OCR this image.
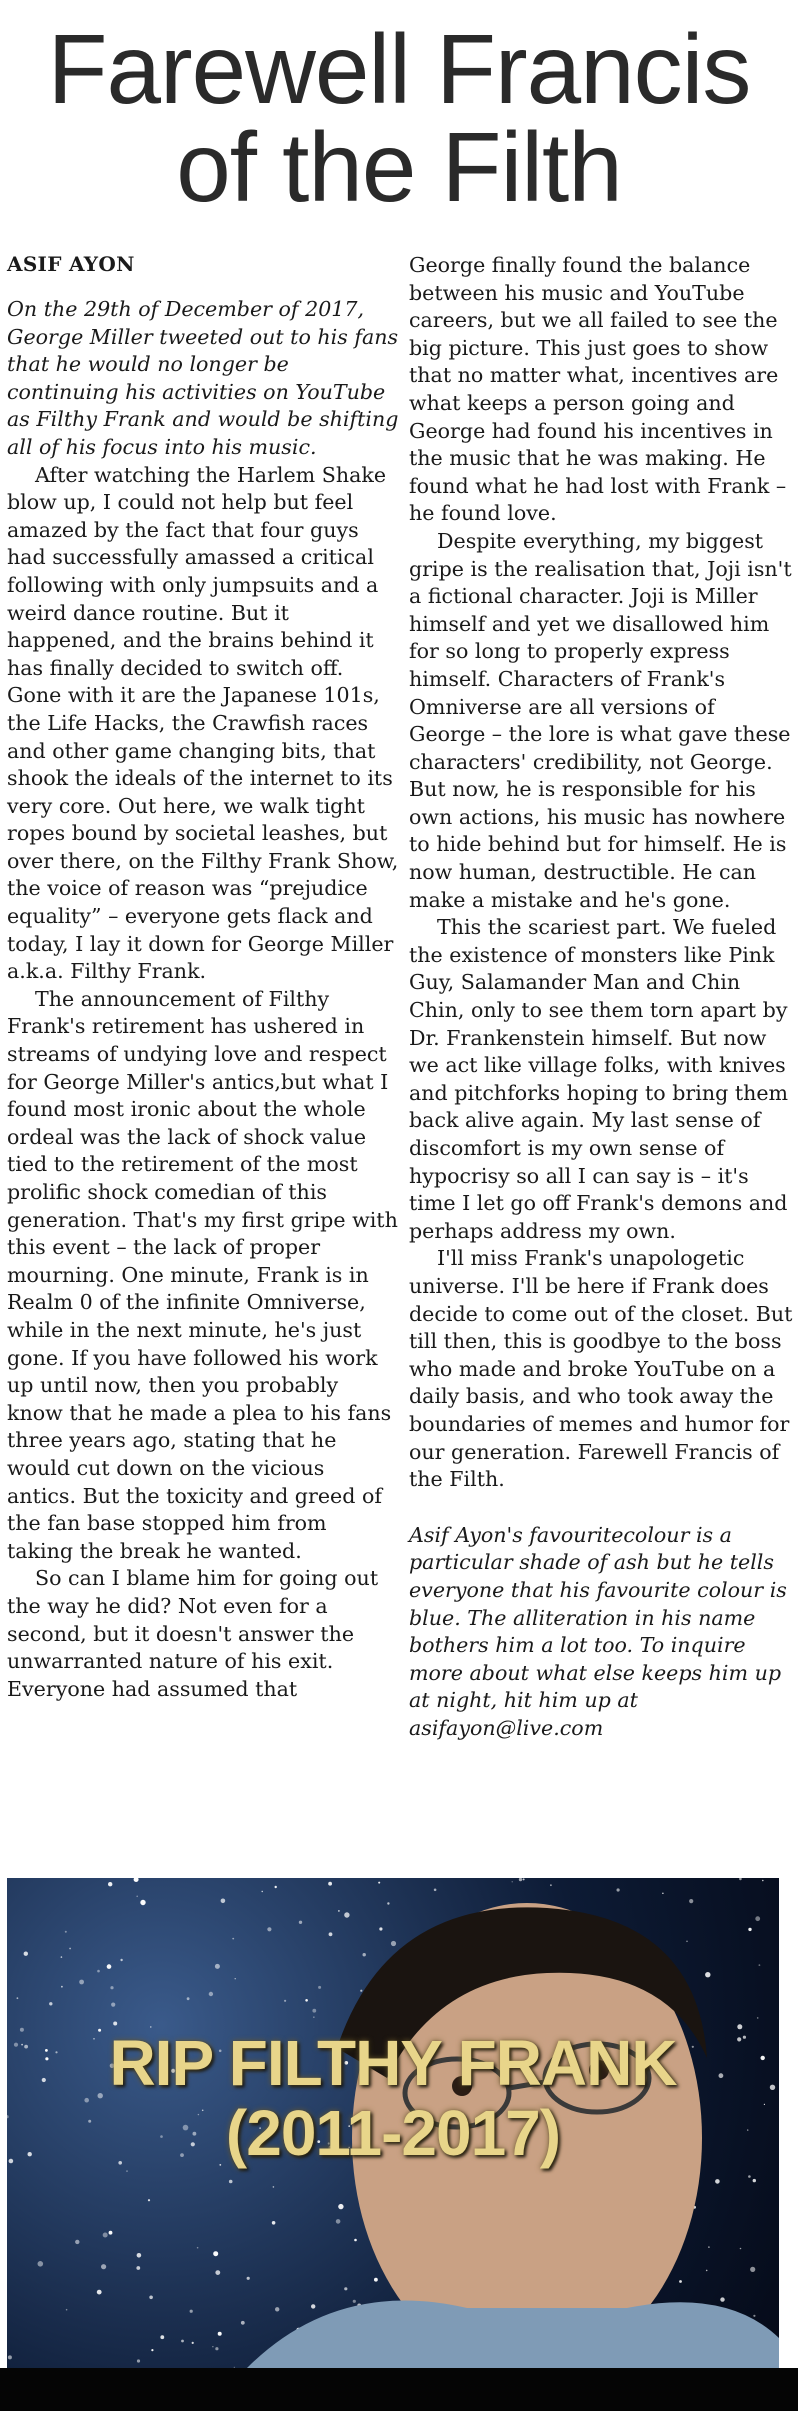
Farewell Francis
of the Filth
ASIF AYON

On the 29th of December of 2017, George Miller tweeted out to his fans that he would no longer be continuing his activities on YouTube as Filthy Frank and would be shifting all of his focus into his music.

After watching the Harlem Shake blow up, I could not help but feel amazed by the fact that four guys had successfully amassed a critical following with only jumpsuits and a weird dance routine. But it happened, and the brains behind it has finally decided to switch off. Gone with it are the Japanese 101s, the Life Hacks, the Crawfish races and other game changing bits, that shook the ideals of the internet to its very core. Out here, we walk tight ropes bound by societal leashes, but over there, on the Filthy Frank Show, the voice of reason was “prejudice equality” – everyone gets flack and today, I lay it down for George Miller a.k.a. Filthy Frank.

The announcement of Filthy Frank's retirement has ushered in streams of undying love and respect for George Miller's antics,but what I found most ironic about the whole ordeal was the lack of shock value tied to the retirement of the most prolific shock comedian of this generation. That's my first gripe with this event – the lack of proper mourning. One minute, Frank is in Realm 0 of the infinite Omniverse, while in the next minute, he's just gone. If you have followed his work up until now, then you probably know that he made a plea to his fans three years ago, stating that he would cut down on the vicious antics. But the toxicity and greed of the fan base stopped him from taking the break he wanted.

So can I blame him for going out the way he did? Not even for a second, but it doesn't answer the unwarranted nature of his exit. Everyone had assumed that

George finally found the balance between his music and YouTube careers, but we all failed to see the big picture. This just goes to show that no matter what, incentives are what keeps a person going and George had found his incentives in the music that he was making. He found what he had lost with Frank – he found love.

Despite everything, my biggest gripe is the realisation that, Joji isn't a fictional character. Joji is Miller himself and yet we disallowed him for so long to properly express himself. Characters of Frank's Omniverse are all versions of George – the lore is what gave these characters' credibility, not George. But now, he is responsible for his own actions, his music has nowhere to hide behind but for himself. He is now human, destructible. He can make a mistake and he's gone.

This the scariest part. We fueled the existence of monsters like Pink Guy, Salamander Man and Chin Chin, only to see them torn apart by Dr. Frankenstein himself. But now we act like village folks, with knives and pitchforks hoping to bring them back alive again. My last sense of discomfort is my own sense of hypocrisy so all I can say is – it's time I let go off Frank's demons and perhaps address my own.

I'll miss Frank's unapologetic universe. I'll be here if Frank does decide to come out of the closet. But till then, this is goodbye to the boss who made and broke YouTube on a daily basis, and who took away the boundaries of memes and humor for our generation. Farewell Francis of the Filth.

Asif Ayon's favouritecolour is a particular shade of ash but he tells everyone that his favourite colour is blue. The alliteration in his name bothers him a lot too. To inquire more about what else keeps him up at night, hit him up at asifayon@live.com

RIP FILTHY FRANK
(2011-2017)
